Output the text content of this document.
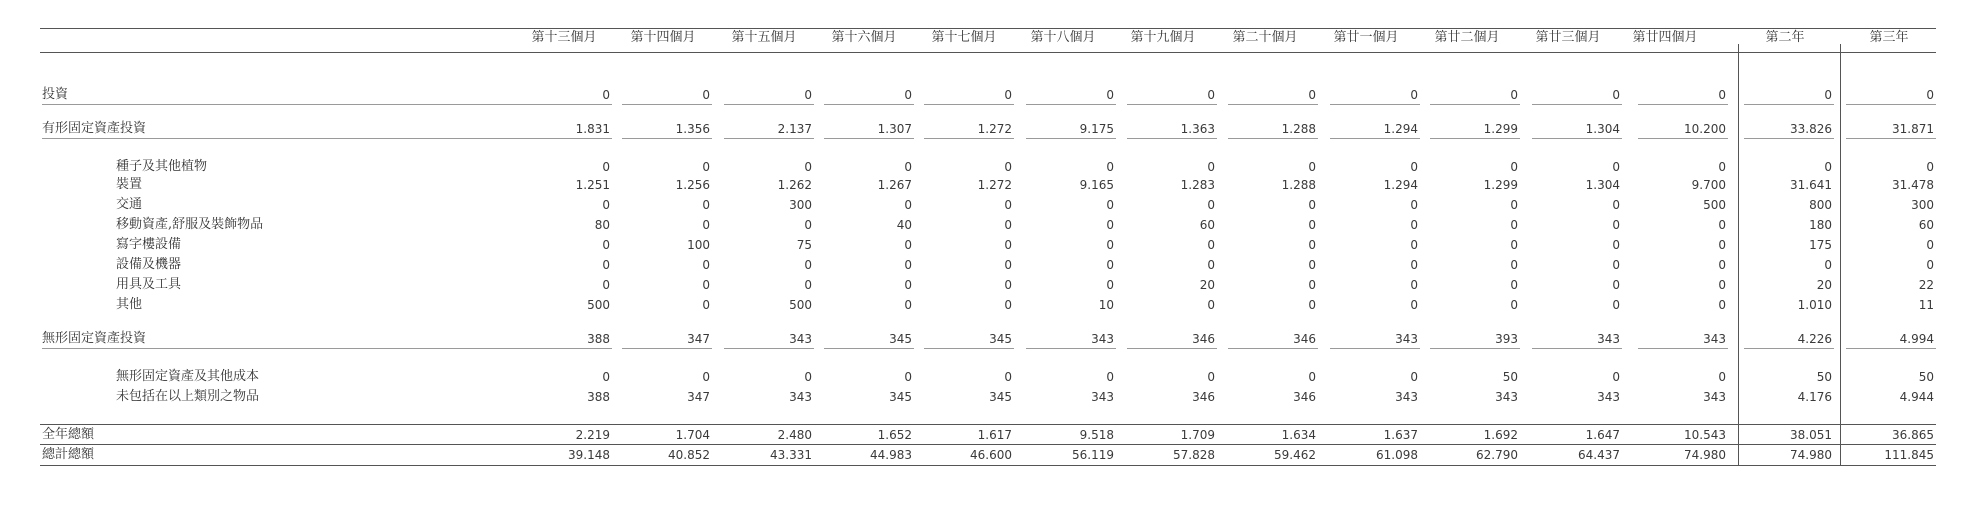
第十三個月	第十四個月	第十五個月	第十六個月	第十七個月	第十八個月	第十九個月	第二十個月	第廿一個月	第廿二個月	第廿三個月	第廿四個月	第二年	第三年
投資	0	0	0	0	0	0	0	0	0	0	0	0	0	0
有形固定資產投資	1.831	1.356	2.137	1.307	1.272	9.175	1.363	1.288	1.294	1.299	1.304	10.200	33.826	31.871
種子及其他植物	0	0	0	0	0	0	0	0	0	0	0	0	0	0
裝置	1.251	1.256	1.262	1.267	1.272	9.165	1.283	1.288	1.294	1.299	1.304	9.700	31.641	31.478
交通	0	0	300	0	0	0	0	0	0	0	0	500	800	300
移動資產,舒服及裝飾物品	80	0	0	40	0	0	60	0	0	0	0	0	180	60
寫字樓設備	0	100	75	0	0	0	0	0	0	0	0	0	175	0
設備及機器	0	0	0	0	0	0	0	0	0	0	0	0	0	0
用具及工具	0	0	0	0	0	0	20	0	0	0	0	0	20	22
其他	500	0	500	0	0	10	0	0	0	0	0	0	1.010	11
無形固定資產投資	388	347	343	345	345	343	346	346	343	393	343	343	4.226	4.994
無形固定資產及其他成本	0	0	0	0	0	0	0	0	0	50	0	0	50	50
未包括在以上類別之物品	388	347	343	345	345	343	346	346	343	343	343	343	4.176	4.944
全年總額	2.219	1.704	2.480	1.652	1.617	9.518	1.709	1.634	1.637	1.692	1.647	10.543	38.051	36.865
總計總額	39.148	40.852	43.331	44.983	46.600	56.119	57.828	59.462	61.098	62.790	64.437	74.980	74.980	111.845
